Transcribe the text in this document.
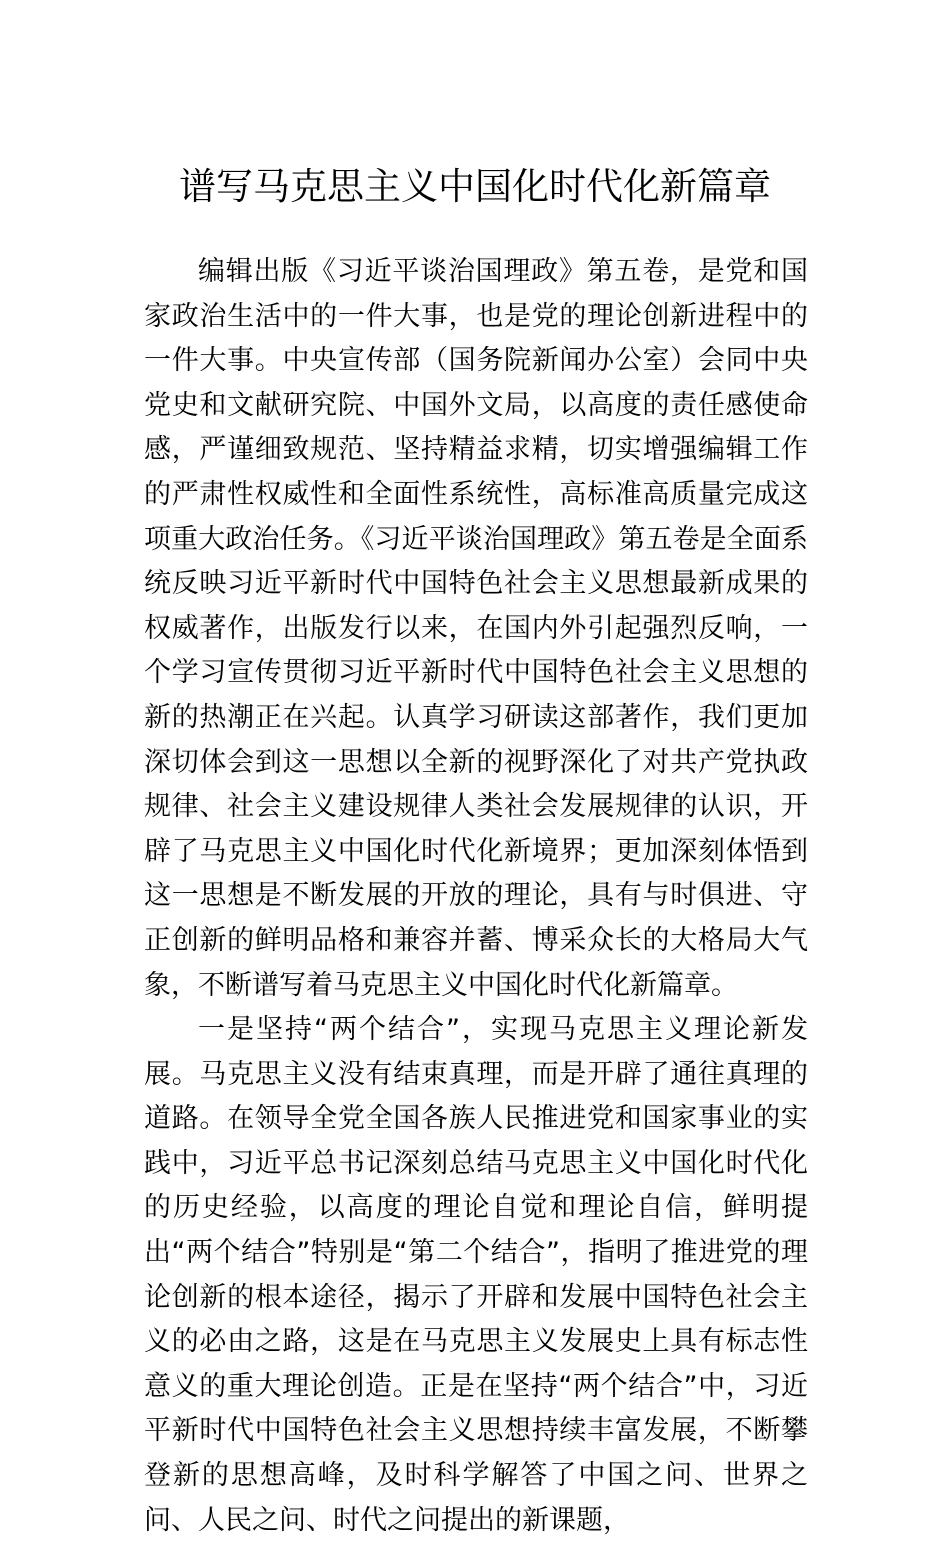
谱写马克思主义中国化时代化新篇章

编辑出版《习近平谈治国理政》第五卷，是党和国家政治生活中的一件大事，也是党的理论创新进程中的一件大事。中央宣传部（国务院新闻办公室）会同中央党史和文献研究院、中国外文局，以高度的责任感使命感，严谨细致规范、坚持精益求精，切实增强编辑工作的严肃性权威性和全面性系统性，高标准高质量完成这项重大政治任务。《习近平谈治国理政》第五卷是全面系统反映习近平新时代中国特色社会主义思想最新成果的权威著作，出版发行以来，在国内外引起强烈反响，一个学习宣传贯彻习近平新时代中国特色社会主义思想的新的热潮正在兴起。认真学习研读这部著作，我们更加深切体会到这一思想以全新的视野深化了对共产党执政规律、社会主义建设规律人类社会发展规律的认识，开辟了马克思主义中国化时代化新境界；更加深刻体悟到这一思想是不断发展的开放的理论，具有与时俱进、守正创新的鲜明品格和兼容并蓄、博采众长的大格局大气象，不断谱写着马克思主义中国化时代化新篇章。

一是坚持“两个结合”，实现马克思主义理论新发展。马克思主义没有结束真理，而是开辟了通往真理的道路。在领导全党全国各族人民推进党和国家事业的实践中，习近平总书记深刻总结马克思主义中国化时代化的历史经验，以高度的理论自觉和理论自信，鲜明提出“两个结合”特别是“第二个结合”，指明了推进党的理论创新的根本途径，揭示了开辟和发展中国特色社会主义的必由之路，这是在马克思主义发展史上具有标志性意义的重大理论创造。正是在坚持“两个结合”中，习近平新时代中国特色社会主义思想持续丰富发展，不断攀登新的思想高峰，及时科学解答了中国之问、世界之问、人民之问、时代之问提出的新课题，
